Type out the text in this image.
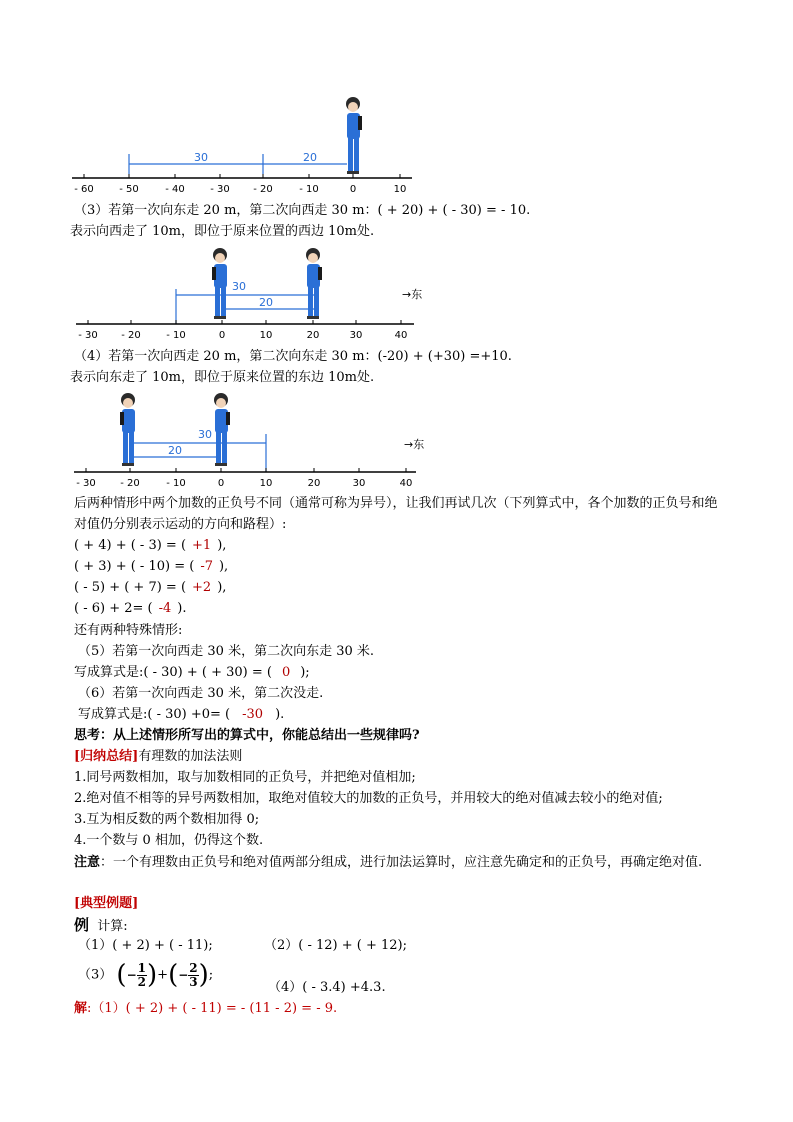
30	20
- 60	- 50	- 40	- 30 - 20	- 10	0	10
（3）若第一次向东走 20 m，第二次向西走 30 m：( + 20) + ( - 30) = - 10.
表示向西走了 10m，即位于原来位置的西边 10m处.
30
20
→东
- 30 - 20	- 10	0	10	20	30	40
（4）若第一次向西走 20 m，第二次向东走 30 m：(-20) + (+30) =+10.
表示向东走了 10m，即位于原来位置的东边 10m处.
30
20	→东
- 30 - 20	- 10	0	10	20	30	40
后两种情形中两个加数的正负号不同（通常可称为异号），让我们再试几次（下列算式中，各个加数的正负号和绝对值仍分别表示运动的方向和路程）:
( + 4) + ( - 3) = ( +1 ),
( + 3) + ( - 10) = ( -7 ),
( - 5) + ( + 7) = ( +2 ),
( - 6) + 2= ( -4 ).
还有两种特殊情形:
（5）若第一次向西走 30 米，第二次向东走 30 米.
写成算式是:( - 30) + ( + 30) = ( 0 );
（6）若第一次向西走 30 米，第二次没走.
写成算式是:( - 30) +0= ( -30 ).
思考：从上述情形所写出的算式中，你能总结出一些规律吗?
[归纳总结]有理数的加法法则
1.同号两数相加，取与加数相同的正负号，并把绝对值相加;
2.绝对值不相等的异号两数相加，取绝对值较大的加数的正负号，并用较大的绝对值减去较小的绝对值;
3.互为相反数的两个数相加得 0;
4.一个数与 0 相加，仍得这个数.
注意：一个有理数由正负号和绝对值两部分组成，进行加法运算时，应注意先确定和的正负号，再确定绝对值.
[典型例题]
例 计算:
（1）( + 2) + ( - 11);	（2）( - 12) + ( + 12);
（3） ( − $\frac{1}{2}$ ) + ( − $\frac{2}{3}$ ) ;
（4）( - 3.4) +4.3.
解:（1）( + 2) + ( - 11) = - (11 - 2) = - 9.
